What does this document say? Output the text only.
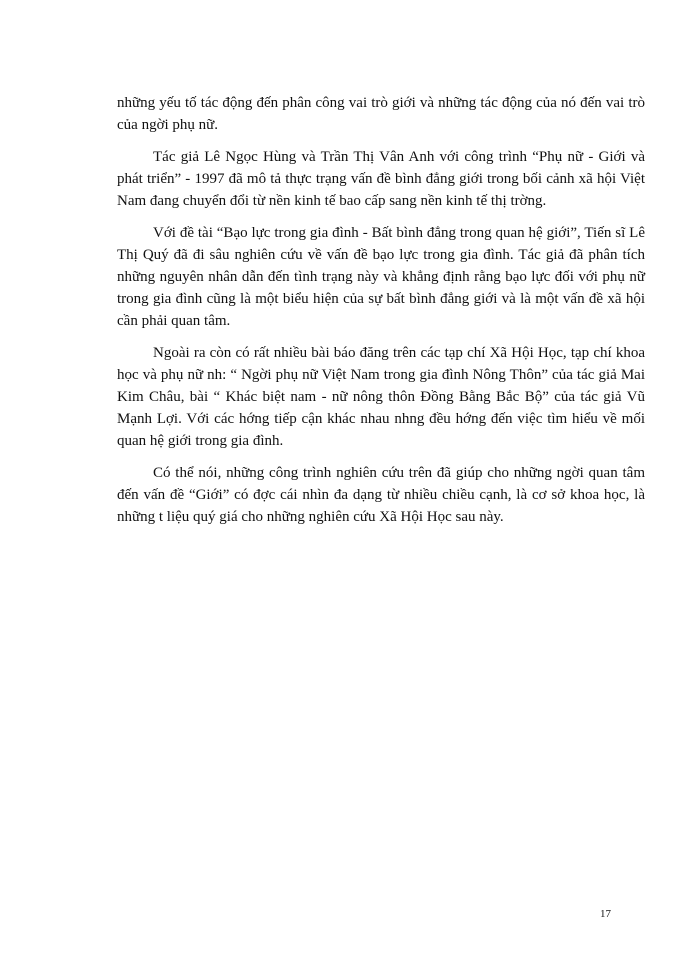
những yếu tố tác động đến phân công vai trò giới và những tác động của nó đến vai trò của ngời phụ nữ.

Tác giả Lê Ngọc Hùng và Trần Thị Vân Anh với công trình “Phụ nữ - Giới và phát triển” - 1997 đã mô tả thực trạng vấn đề bình đẳng giới trong bối cảnh xã hội Việt Nam đang chuyển đổi từ nền kinh tế bao cấp sang nền kinh tế thị trờng.

Với đề tài “Bạo lực trong gia đình - Bất bình đẳng trong quan hệ giới”, Tiến sĩ Lê Thị Quý đã đi sâu nghiên cứu về vấn đề bạo lực trong gia đình. Tác giả đã phân tích những nguyên nhân dẫn đến tình trạng này và khẳng định rằng bạo lực đối với phụ nữ trong gia đình cũng là một biểu hiện của sự bất bình đẳng giới và là một vấn đề xã hội cần phải quan tâm.

Ngoài ra còn có rất nhiều bài báo đăng trên các tạp chí Xã Hội Học, tạp chí khoa học và phụ nữ nh: “ Ngời phụ nữ Việt Nam trong gia đình Nông Thôn” của tác giả Mai Kim Châu, bài “ Khác biệt nam - nữ nông thôn Đồng Bằng Bắc Bộ” của tác giả Vũ Mạnh Lợi. Với các hớng tiếp cận khác nhau nhng đều hớng đến việc tìm hiểu về mối quan hệ giới trong gia đình.

Có thể nói, những công trình nghiên cứu trên đã giúp cho những ngời quan tâm đến vấn đề “Giới” có đợc cái nhìn đa dạng từ nhiều chiều cạnh, là cơ sở khoa học, là những t liệu quý giá cho những nghiên cứu Xã Hội Học sau này.

17
